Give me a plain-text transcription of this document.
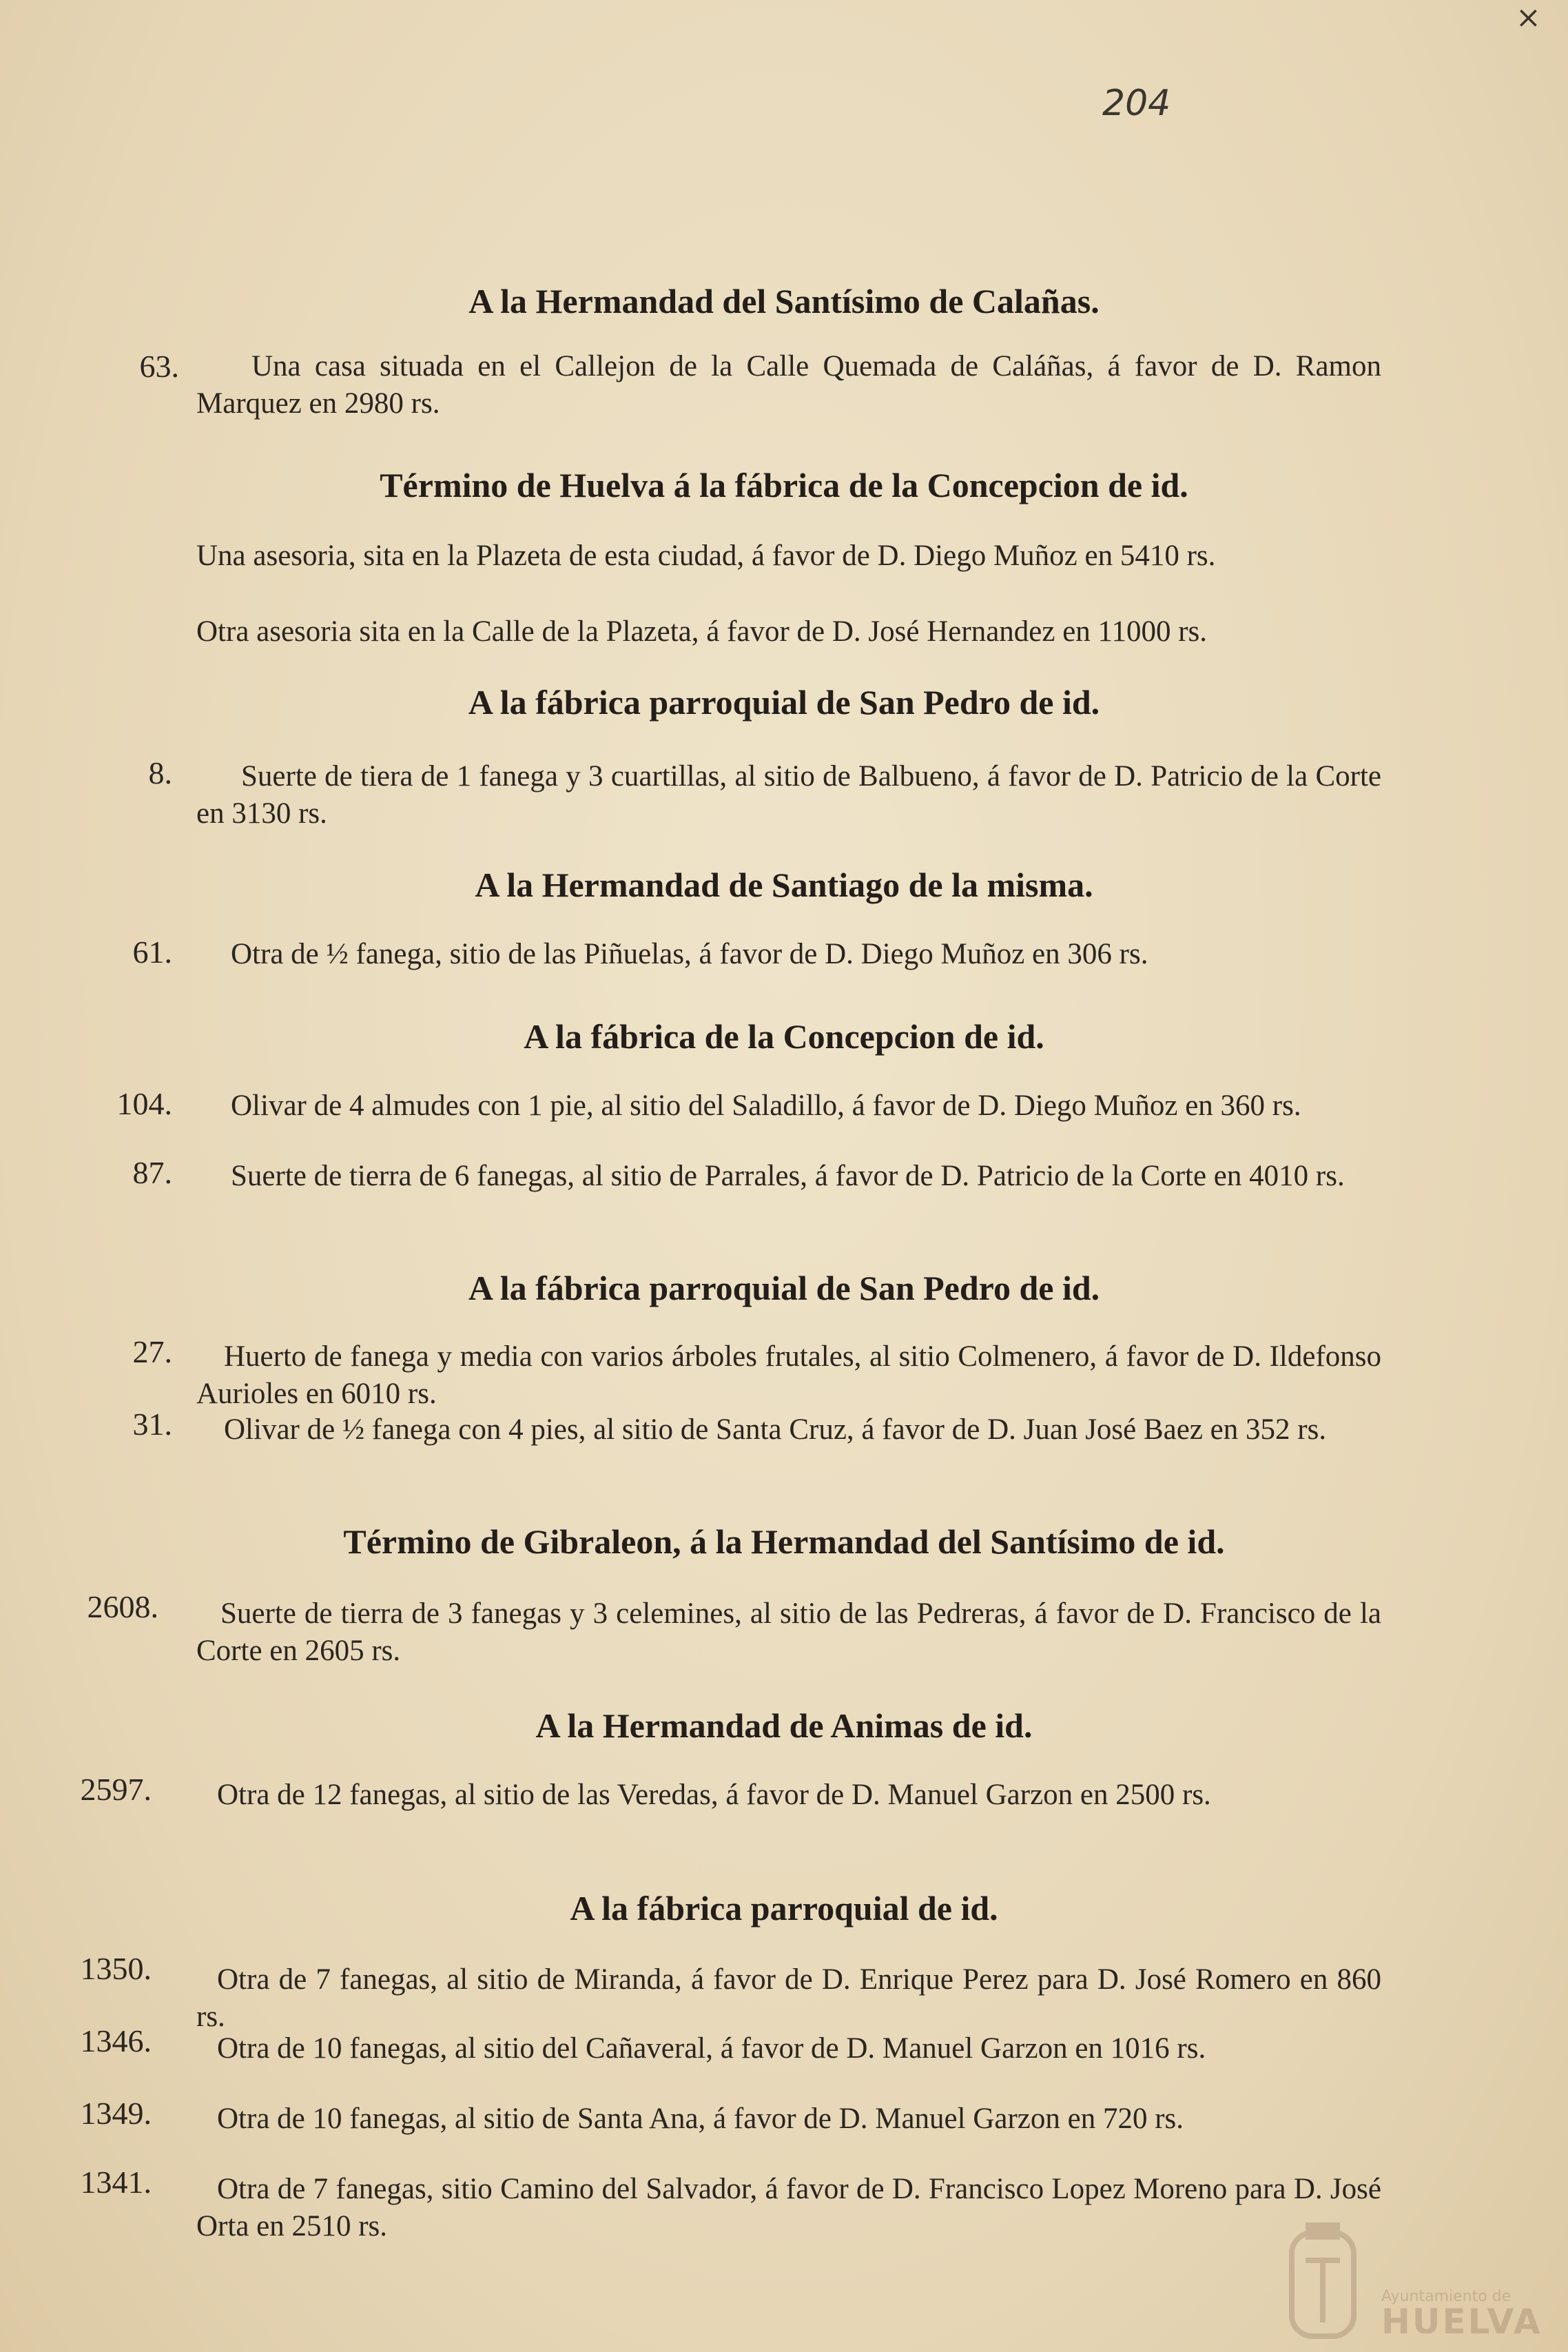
×
204
A la Hermandad del Santísimo de Calañas.
63.	Una casa situada en el Callejon de la Calle Quemada de Caláñas, á favor de D. Ramon Marquez en 2980 rs.
Término de Huelva á la fábrica de la Concepcion de id.
Una asesoria, sita en la Plazeta de esta ciudad, á favor de D. Diego Muñoz en 5410 rs.
Otra asesoria sita en la Calle de la Plazeta, á favor de D. José Hernandez en 11000 rs.
A la fábrica parroquial de San Pedro de id.
8.	Suerte de tiera de 1 fanega y 3 cuartillas, al sitio de Balbueno, á favor de D. Patricio de la Corte en 3130 rs.
A la Hermandad de Santiago de la misma.
61.	Otra de ½ fanega, sitio de las Piñuelas, á favor de D. Diego Muñoz en 306 rs.
A la fábrica de la Concepcion de id.
104.	Olivar de 4 almudes con 1 pie, al sitio del Saladillo, á favor de D. Diego Muñoz en 360 rs.
87.	Suerte de tierra de 6 fanegas, al sitio de Parrales, á favor de D. Patricio de la Corte en 4010 rs.
A la fábrica parroquial de San Pedro de id.
27.	Huerto de fanega y media con varios árboles frutales, al sitio Colmenero, á favor de D. Ildefonso Aurioles en 6010 rs.
31.	Olivar de ½ fanega con 4 pies, al sitio de Santa Cruz, á favor de D. Juan José Baez en 352 rs.
Término de Gibraleon, á la Hermandad del Santísimo de id.
2608.	Suerte de tierra de 3 fanegas y 3 celemines, al sitio de las Pedreras, á favor de D. Francisco de la Corte en 2605 rs.
A la Hermandad de Animas de id.
2597.	Otra de 12 fanegas, al sitio de las Veredas, á favor de D. Manuel Garzon en 2500 rs.
A la fábrica parroquial de id.
1350.	Otra de 7 fanegas, al sitio de Miranda, á favor de D. Enrique Perez para D. José Romero en 860 rs.
1346.	Otra de 10 fanegas, al sitio del Cañaveral, á favor de D. Manuel Garzon en 1016 rs.
1349.	Otra de 10 fanegas, al sitio de Santa Ana, á favor de D. Manuel Garzon en 720 rs.
1341.	Otra de 7 fanegas, sitio Camino del Salvador, á favor de D. Francisco Lopez Moreno para D. José Orta en 2510 rs.
Ayuntamiento de
HUELVA
